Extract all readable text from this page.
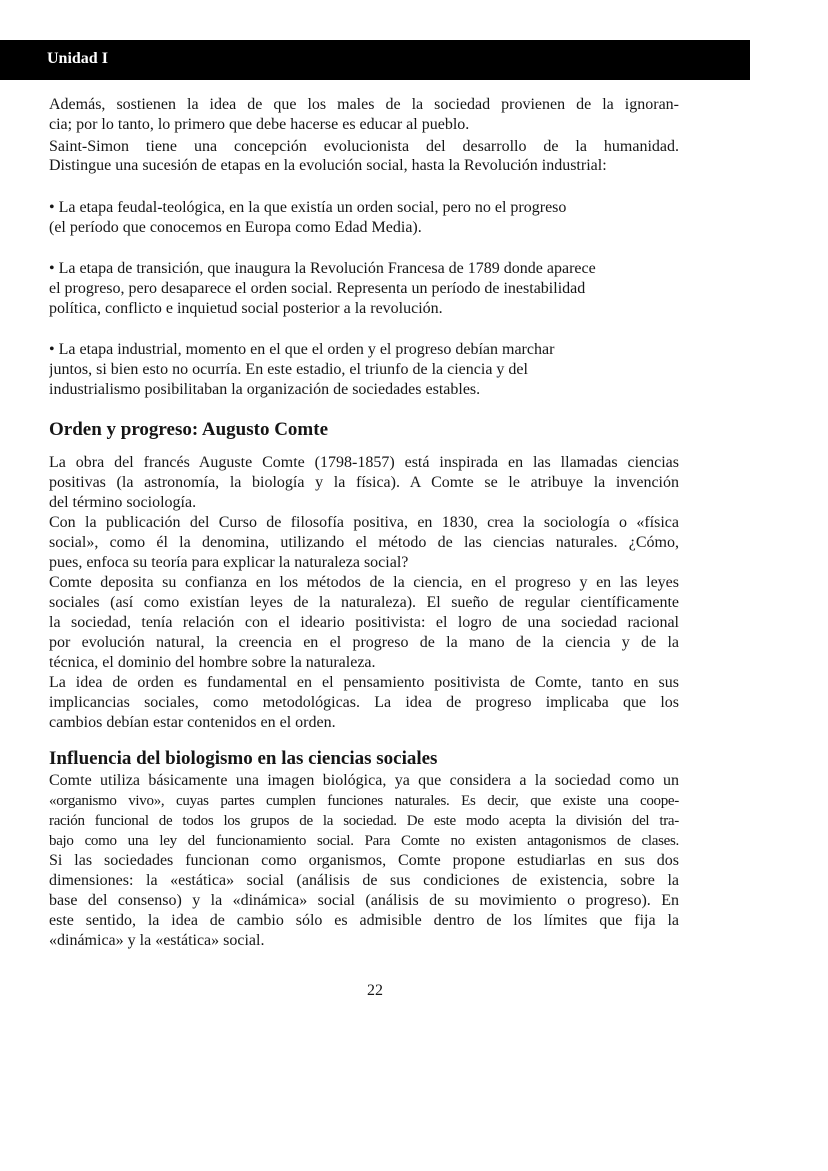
Unidad I
Además, sostienen la idea de que los males de la sociedad provienen de la ignoran-
cia; por lo tanto, lo primero que debe hacerse es educar al pueblo.
Saint-Simon tiene una concepción evolucionista del desarrollo de la humanidad.
Distingue una sucesión de etapas en la evolución social, hasta la Revolución industrial:
• La etapa feudal-teológica, en la que existía un orden social, pero no el progreso
(el período que conocemos en Europa como Edad Media).
• La etapa de transición, que inaugura la Revolución Francesa de 1789 donde aparece
el progreso, pero desaparece el orden social. Representa un período de inestabilidad
política, conflicto e inquietud social posterior a la revolución.
• La etapa industrial, momento en el que el orden y el progreso debían marchar
juntos, si bien esto no ocurría. En este estadio, el triunfo de la ciencia y del
industrialismo posibilitaban la organización de sociedades estables.
Orden y progreso: Augusto Comte
La obra del francés Auguste Comte (1798-1857) está inspirada en las llamadas ciencias
positivas (la astronomía, la biología y la física). A Comte se le atribuye la invención
del término sociología.
Con la publicación del Curso de filosofía positiva, en 1830, crea la sociología o «física
social», como él la denomina, utilizando el método de las ciencias naturales. ¿Cómo,
pues, enfoca su teoría para explicar la naturaleza social?
Comte deposita su confianza en los métodos de la ciencia, en el progreso y en las leyes
sociales (así como existían leyes de la naturaleza). El sueño de regular científicamente
la sociedad, tenía relación con el ideario positivista: el logro de una sociedad racional
por evolución natural, la creencia en el progreso de la mano de la ciencia y de la
técnica, el dominio del hombre sobre la naturaleza.
La idea de orden es fundamental en el pensamiento positivista de Comte, tanto en sus
implicancias sociales, como metodológicas. La idea de progreso implicaba que los
cambios debían estar contenidos en el orden.
Influencia del biologismo en las ciencias sociales
Comte utiliza básicamente una imagen biológica, ya que considera a la sociedad como un
«organismo vivo», cuyas partes cumplen funciones naturales. Es decir, que existe una coope-
ración funcional de todos los grupos de la sociedad. De este modo acepta la división del tra-
bajo como una ley del funcionamiento social. Para Comte no existen antagonismos de clases.
Si las sociedades funcionan como organismos, Comte propone estudiarlas en sus dos
dimensiones: la «estática» social (análisis de sus condiciones de existencia, sobre la
base del consenso) y la «dinámica» social (análisis de su movimiento o progreso). En
este sentido, la idea de cambio sólo es admisible dentro de los límites que fija la
«dinámica» y la «estática» social.
22
